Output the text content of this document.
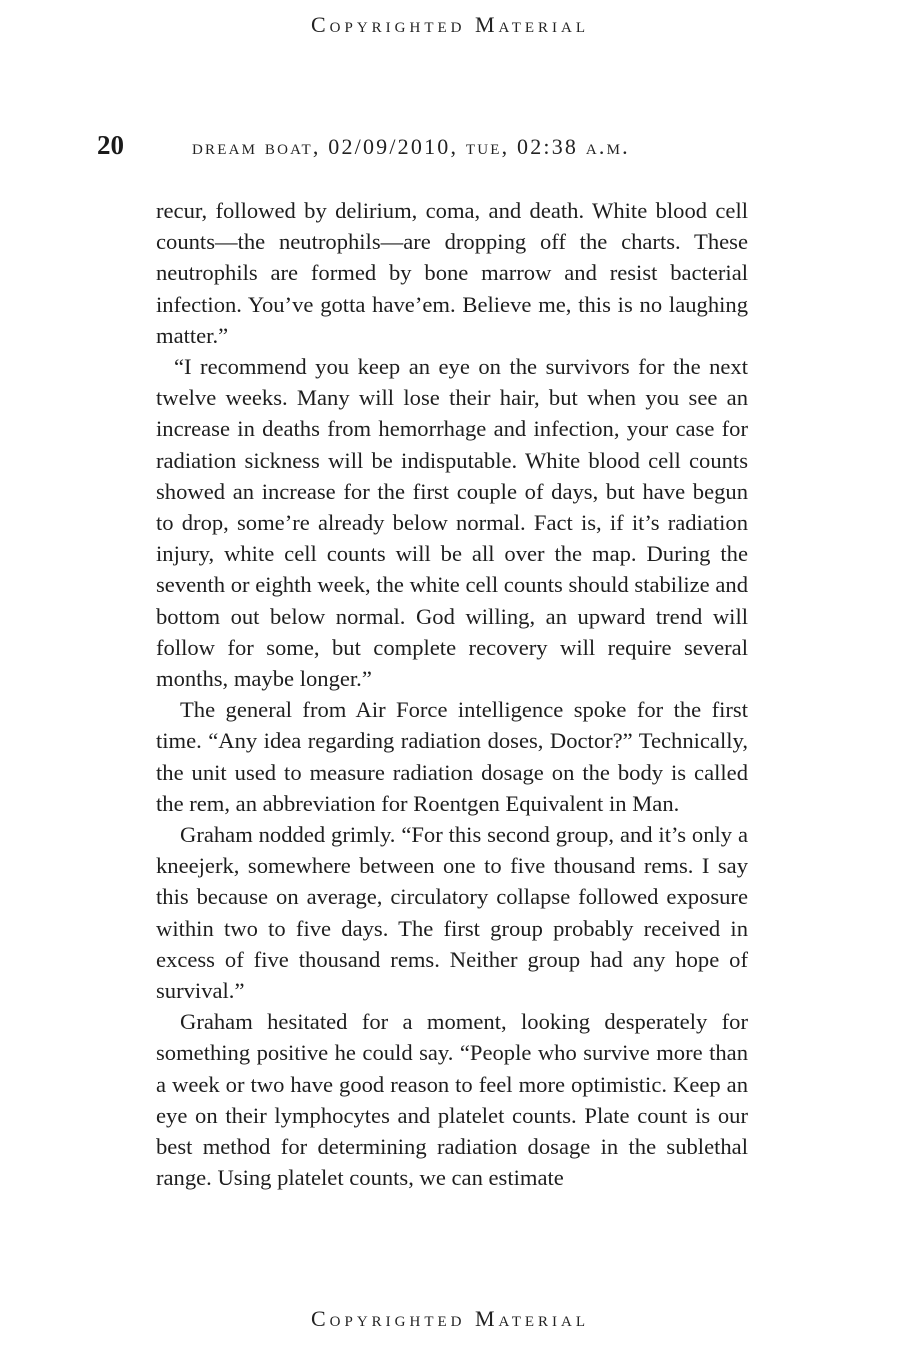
Copyrighted Material
20	dream boat, 02/09/2010, tue, 02:38 a.m.

recur, followed by delirium, coma, and death. White blood cell counts—the neutrophils—are dropping off the charts. These neutrophils are formed by bone marrow and resist bacterial infection. You’ve gotta have’em. Believe me, this is no laughing matter.”

“I recommend you keep an eye on the survivors for the next twelve weeks. Many will lose their hair, but when you see an increase in deaths from hemorrhage and infection, your case for radiation sickness will be indisputable. White blood cell counts showed an increase for the first couple of days, but have begun to drop, some’re already below normal. Fact is, if it’s radiation injury, white cell counts will be all over the map. During the seventh or eighth week, the white cell counts should stabilize and bottom out below normal. God willing, an upward trend will follow for some, but complete recovery will require several months, maybe longer.”

The general from Air Force intelligence spoke for the first time. “Any idea regarding radiation doses, Doctor?” Technically, the unit used to measure radiation dosage on the body is called the rem, an abbreviation for Roentgen Equivalent in Man.

Graham nodded grimly. “For this second group, and it’s only a kneejerk, somewhere between one to five thousand rems. I say this because on average, circulatory collapse followed exposure within two to five days. The first group probably received in excess of five thousand rems. Neither group had any hope of survival.”

Graham hesitated for a moment, looking desperately for something positive he could say. “People who survive more than a week or two have good reason to feel more optimistic. Keep an eye on their lymphocytes and platelet counts. Plate count is our best method for determining radiation dosage in the sublethal range. Using platelet counts, we can estimate

Copyrighted Material
